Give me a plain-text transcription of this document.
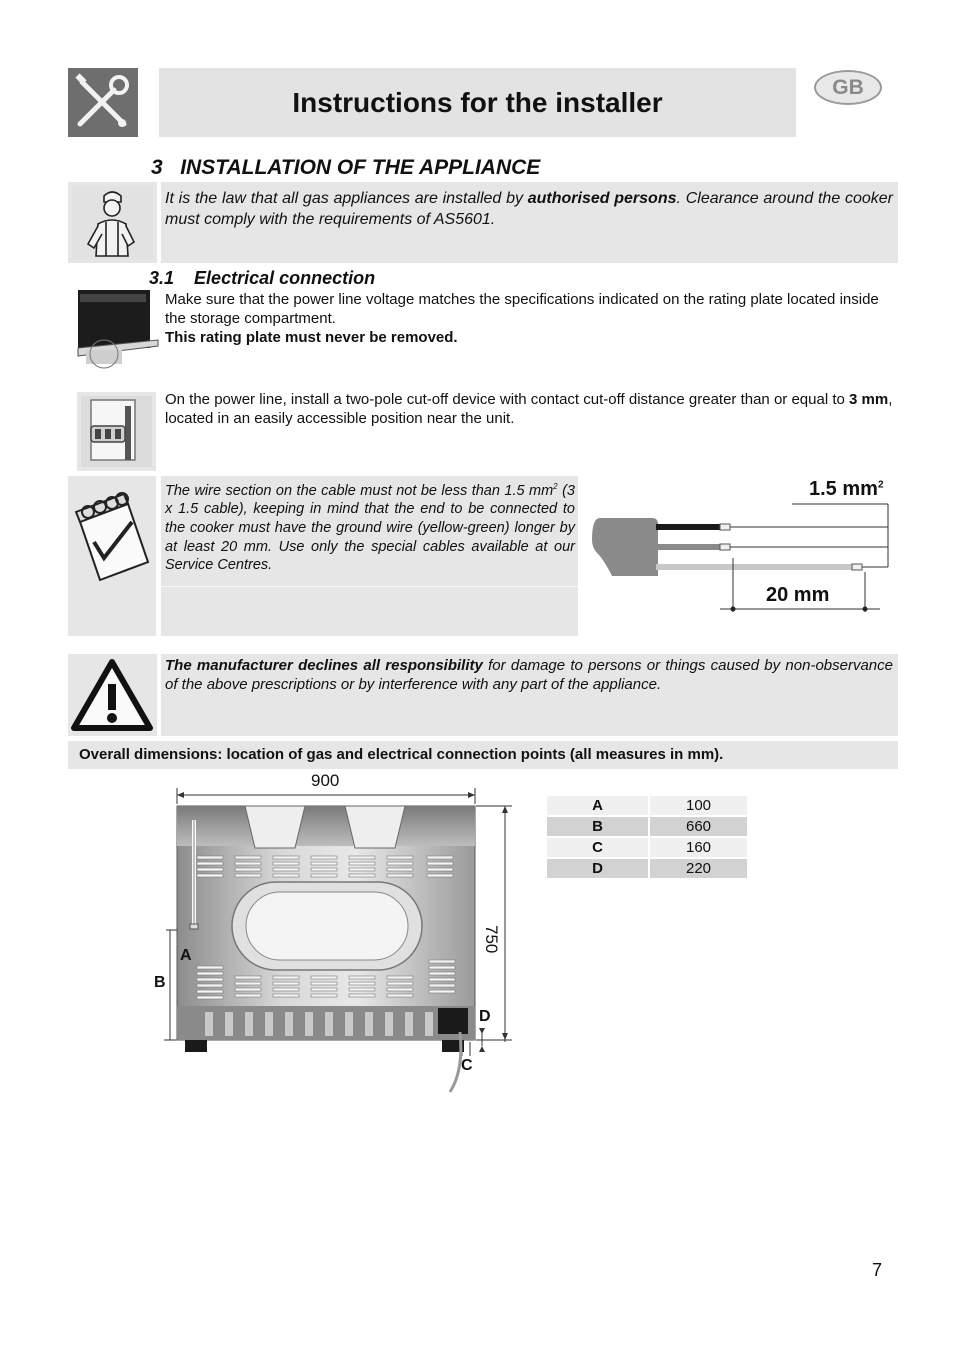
Instructions for the installer	GB
3 INSTALLATION OF THE APPLIANCE

It is the law that all gas appliances are installed by authorised persons. Clearance around the cooker must comply with the requirements of AS5601.

3.1 Electrical connection

Make sure that the power line voltage matches the specifications indicated on the rating plate located inside the storage compartment.

This rating plate must never be removed.

On the power line, install a two-pole cut-off device with contact cut-off distance greater than or equal to 3 mm, located in an easily accessible position near the unit.

The wire section on the cable must not be less than 1.5 $mm^2$ (3 x 1.5 cable), keeping in mind that the end to be connected to the cooker must have the ground wire (yellow-green) longer by at least 20 mm. Use only the special cables available at our Service Centres.

1.5 $mm^2$
20 mm

The manufacturer declines all responsibility for damage to persons or things caused by non-observance of the above prescriptions or by interference with any part of the appliance.

Overall dimensions: location of gas and electrical connection points (all measures in mm).
750
900
A
B
C
D
A	100
B	660
C	160
D	220
7
